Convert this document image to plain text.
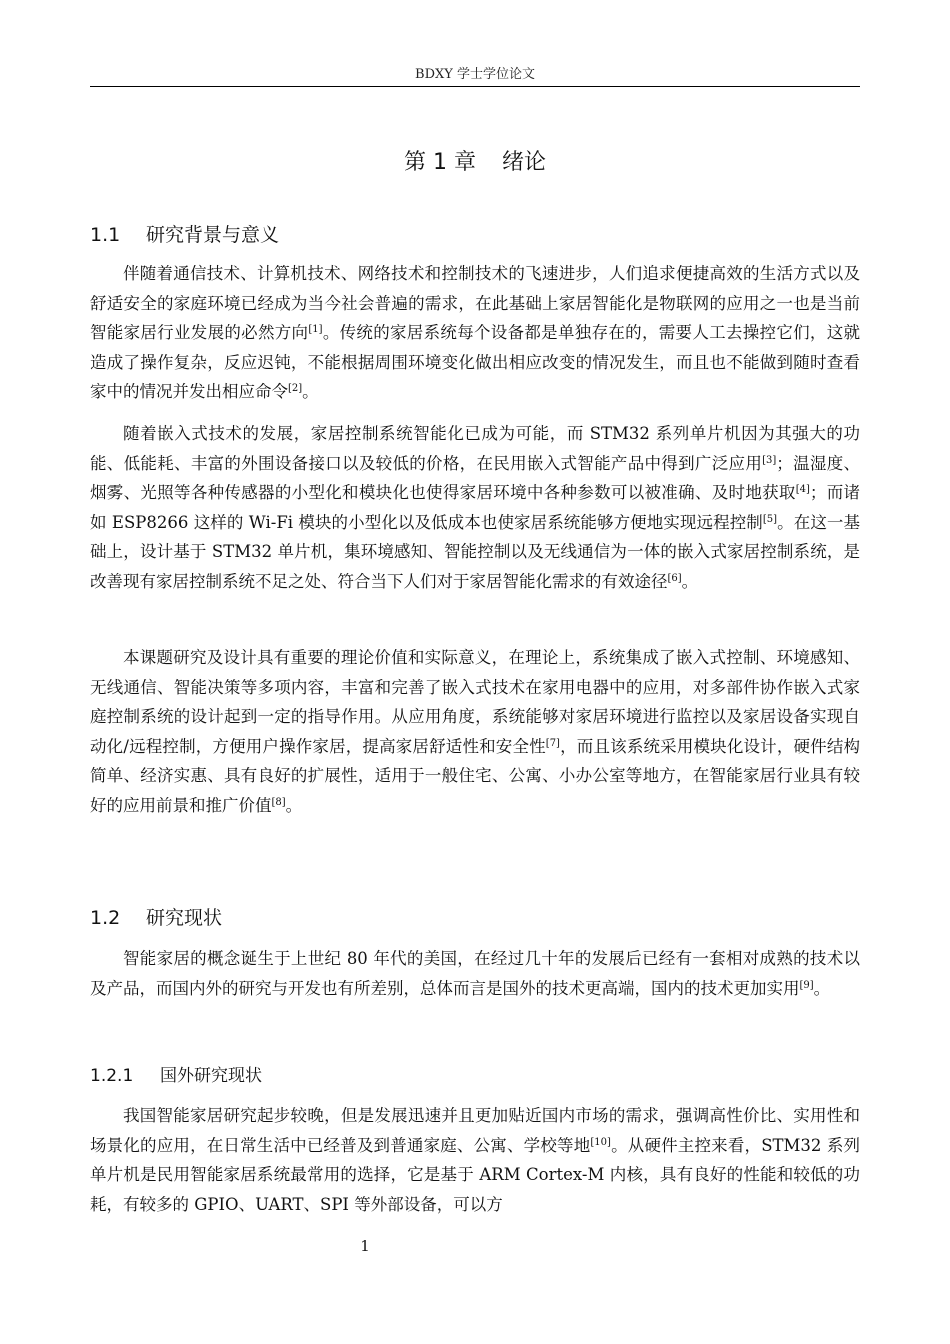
BDXY 学士学位论文
第 1 章 绪论
1.1 研究背景与意义

伴随着通信技术、计算机技术、网络技术和控制技术的飞速进步，人们追求便捷高效的生活方式以及舒适安全的家庭环境已经成为当今社会普遍的需求，在此基础上家居智能化是物联网的应用之一也是当前智能家居行业发展的必然方向[1]。传统的家居系统每个设备都是单独存在的，需要人工去操控它们，这就造成了操作复杂，反应迟钝，不能根据周围环境变化做出相应改变的情况发生，而且也不能做到随时查看家中的情况并发出相应命令[2]。

随着嵌入式技术的发展，家居控制系统智能化已成为可能，而 STM32 系列单片机因为其强大的功能、低能耗、丰富的外围设备接口以及较低的价格，在民用嵌入式智能产品中得到广泛应用[3]；温湿度、烟雾、光照等各种传感器的小型化和模块化也使得家居环境中各种参数可以被准确、及时地获取[4]；而诸如 ESP8266 这样的 Wi-Fi 模块的小型化以及低成本也使家居系统能够方便地实现远程控制[5]。在这一基础上，设计基于 STM32 单片机，集环境感知、智能控制以及无线通信为一体的嵌入式家居控制系统，是改善现有家居控制系统不足之处、符合当下人们对于家居智能化需求的有效途径[6]。

本课题研究及设计具有重要的理论价值和实际意义，在理论上，系统集成了嵌入式控制、环境感知、无线通信、智能决策等多项内容，丰富和完善了嵌入式技术在家用电器中的应用，对多部件协作嵌入式家庭控制系统的设计起到一定的指导作用。从应用角度，系统能够对家居环境进行监控以及家居设备实现自动化/远程控制，方便用户操作家居，提高家居舒适性和安全性[7]，而且该系统采用模块化设计，硬件结构简单、经济实惠、具有良好的扩展性，适用于一般住宅、公寓、小办公室等地方，在智能家居行业具有较好的应用前景和推广价值[8]。

1.2 研究现状

智能家居的概念诞生于上世纪 80 年代的美国，在经过几十年的发展后已经有一套相对成熟的技术以及产品，而国内外的研究与开发也有所差别，总体而言是国外的技术更高端，国内的技术更加实用[9]。

1.2.1 国外研究现状

我国智能家居研究起步较晚，但是发展迅速并且更加贴近国内市场的需求，强调高性价比、实用性和场景化的应用，在日常生活中已经普及到普通家庭、公寓、学校等地[10]。从硬件主控来看，STM32 系列单片机是民用智能家居系统最常用的选择，它是基于 ARM Cortex-M 内核，具有良好的性能和较低的功耗，有较多的 GPIO、UART、SPI 等外部设备，可以方

1
